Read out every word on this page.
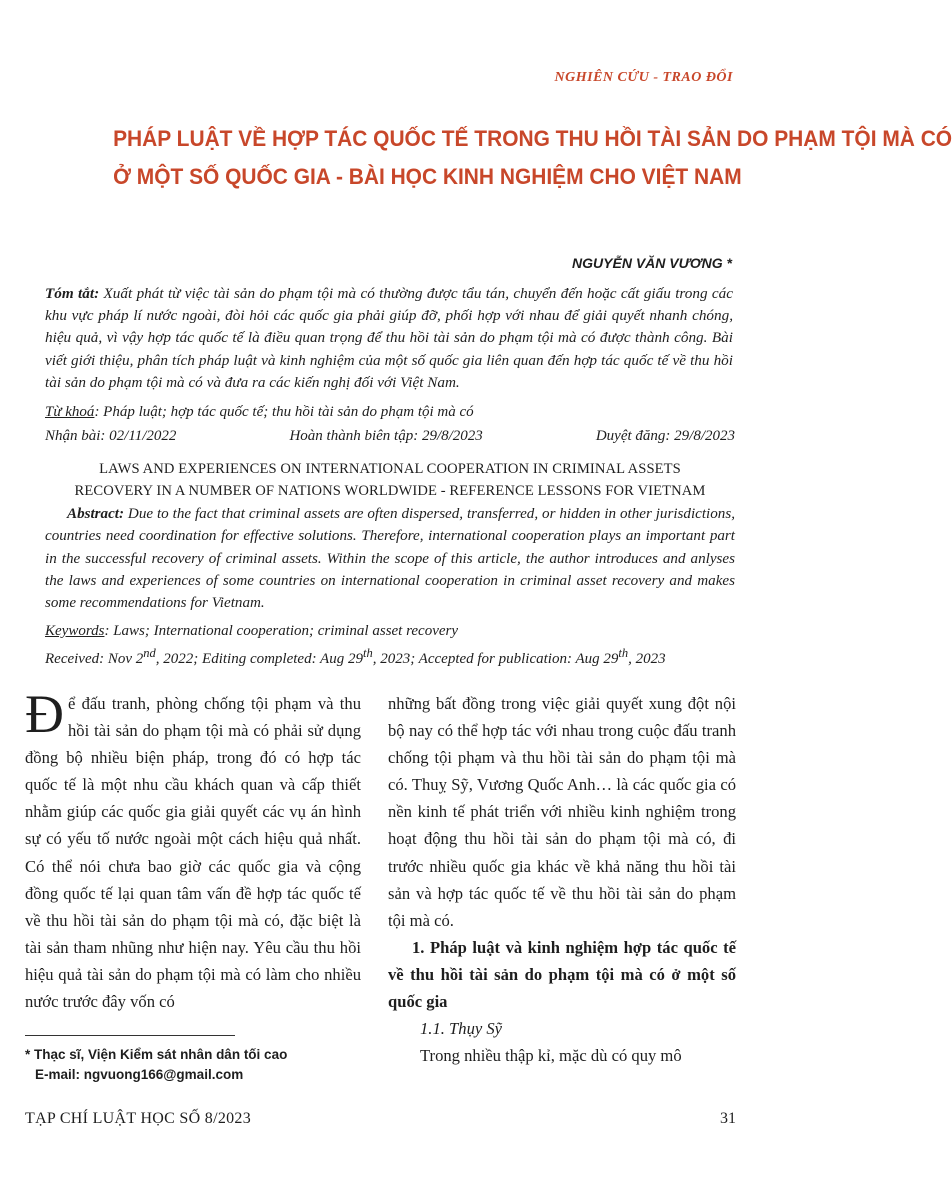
NGHIÊN CỨU - TRAO ĐỔI
PHÁP LUẬT VỀ HỢP TÁC QUỐC TẾ TRONG THU HỒI TÀI SẢN DO PHẠM TỘI MÀ CÓ
Ở MỘT SỐ QUỐC GIA - BÀI HỌC KINH NGHIỆM CHO VIỆT NAM
NGUYỄN VĂN VƯƠNG *
Tóm tắt: Xuất phát từ việc tài sản do phạm tội mà có thường được tẩu tán, chuyển đến hoặc cất giấu trong các khu vực pháp lí nước ngoài, đòi hỏi các quốc gia phải giúp đỡ, phối hợp với nhau để giải quyết nhanh chóng, hiệu quả, vì vậy hợp tác quốc tế là điều quan trọng để thu hồi tài sản do phạm tội mà có được thành công. Bài viết giới thiệu, phân tích pháp luật và kinh nghiệm của một số quốc gia liên quan đến hợp tác quốc tế về thu hồi tài sản do phạm tội mà có và đưa ra các kiến nghị đối với Việt Nam.
Từ khoá: Pháp luật; hợp tác quốc tế; thu hồi tài sản do phạm tội mà có
Nhận bài: 02/11/2022	Hoàn thành biên tập: 29/8/2023	Duyệt đăng: 29/8/2023
LAWS AND EXPERIENCES ON INTERNATIONAL COOPERATION IN CRIMINAL ASSETS
RECOVERY IN A NUMBER OF NATIONS WORLDWIDE - REFERENCE LESSONS FOR VIETNAM
Abstract: Due to the fact that criminal assets are often dispersed, transferred, or hidden in other jurisdictions, countries need coordination for effective solutions. Therefore, international cooperation plays an important part in the successful recovery of criminal assets. Within the scope of this article, the author introduces and anlyses the laws and experiences of some countries on international cooperation in criminal asset recovery and makes some recommendations for Vietnam.
Keywords: Laws; International cooperation; criminal asset recovery
Received: Nov 2nd, 2022; Editing completed: Aug 29th, 2023; Accepted for publication: Aug 29th, 2023
Để đấu tranh, phòng chống tội phạm và thu hồi tài sản do phạm tội mà có phải sử dụng đồng bộ nhiều biện pháp, trong đó có hợp tác quốc tế là một nhu cầu khách quan và cấp thiết nhằm giúp các quốc gia giải quyết các vụ án hình sự có yếu tố nước ngoài một cách hiệu quả nhất. Có thể nói chưa bao giờ các quốc gia và cộng đồng quốc tế lại quan tâm vấn đề hợp tác quốc tế về thu hồi tài sản do phạm tội mà có, đặc biệt là tài sản tham nhũng như hiện nay. Yêu cầu thu hồi hiệu quả tài sản do phạm tội mà có làm cho nhiều nước trước đây vốn có

những bất đồng trong việc giải quyết xung đột nội bộ nay có thể hợp tác với nhau trong cuộc đấu tranh chống tội phạm và thu hồi tài sản do phạm tội mà có. Thuỵ Sỹ, Vương Quốc Anh… là các quốc gia có nền kinh tế phát triển với nhiều kinh nghiệm trong hoạt động thu hồi tài sản do phạm tội mà có, đi trước nhiều quốc gia khác về khả năng thu hồi tài sản và hợp tác quốc tế về thu hồi tài sản do phạm tội mà có.

1. Pháp luật và kinh nghiệm hợp tác quốc tế về thu hồi tài sản do phạm tội mà có ở một số quốc gia

1.1. Thụy Sỹ

Trong nhiều thập kỉ, mặc dù có quy mô

* Thạc sĩ, Viện Kiểm sát nhân dân tối cao
E-mail: ngvuong166@gmail.com
TẠP CHÍ LUẬT HỌC SỐ 8/2023	31
